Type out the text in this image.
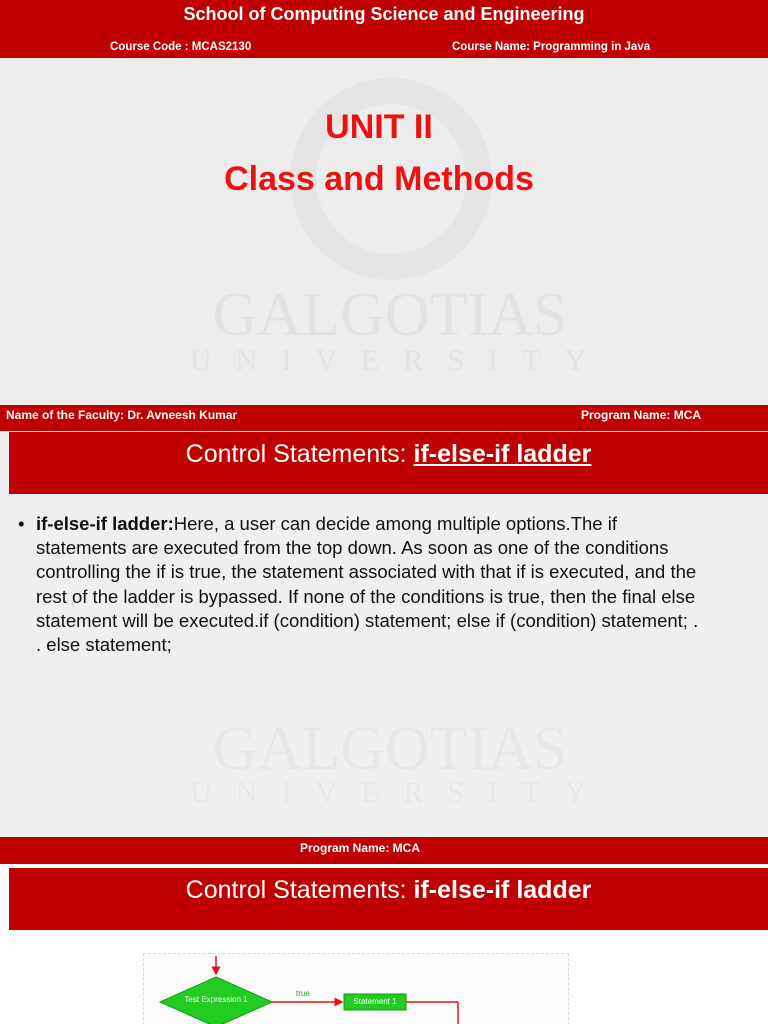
School of Computing Science and Engineering
Course Code : MCAS2130	Course Name: Programming in Java
GALGOTIAS
UNIVERSITY
UNIT II
Class and Methods
Name of the Faculty: Dr. Avneesh Kumar	Program Name: MCA
Control Statements: if-else-if ladder
GALGOTIAS
UNIVERSITY
• if-else-if ladder:Here, a user can decide among multiple options.The if statements are executed from the top down. As soon as one of the conditions controlling the if is true, the statement associated with that if is executed, and the rest of the ladder is bypassed. If none of the conditions is true, then the final else statement will be executed.if (condition) statement; else if (condition) statement; . . else statement;
Program Name: MCA
Control Statements: if-else-if ladder
Test Expression 1
true
Statement 1
